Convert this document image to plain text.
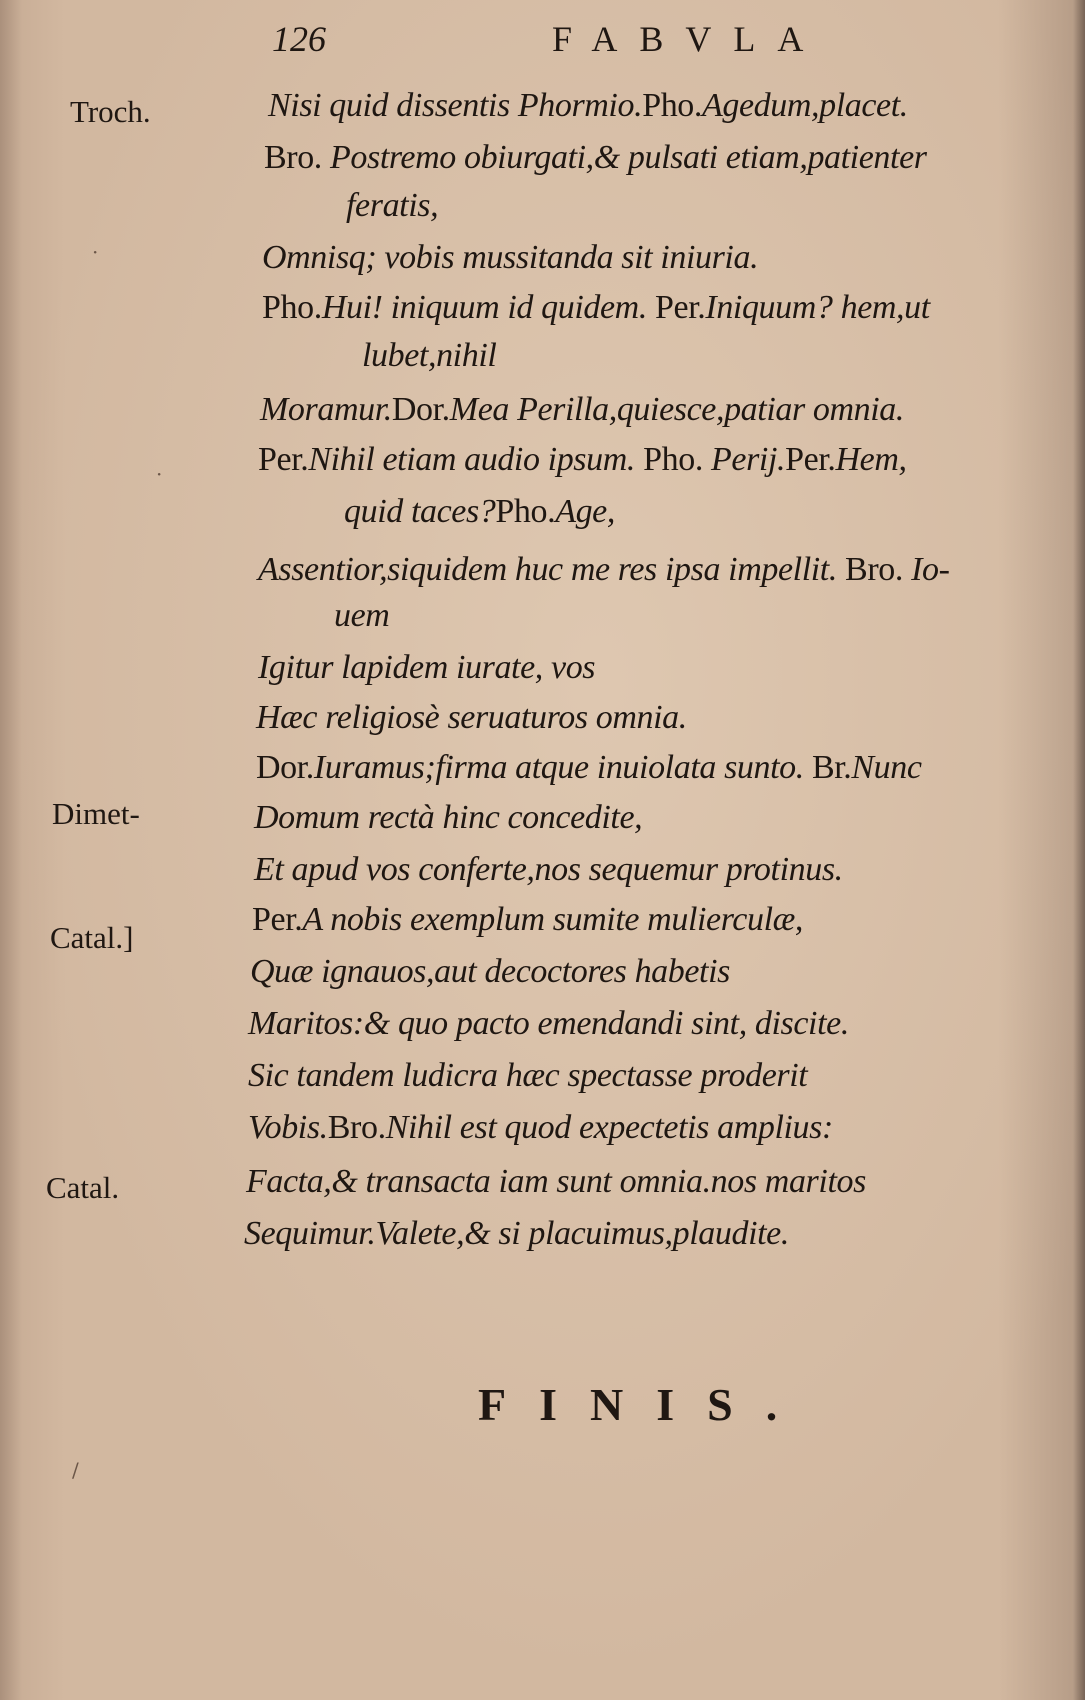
126	FABVLA
Troch.
Dimet-
Catal.]
Catal.
Nisi quid dissentis Phormio.Pho.Agedum,placet.
Bro. Postremo obiurgati,& pulsati etiam,patienter
feratis,
Omnisq; vobis mussitanda sit iniuria.
Pho.Hui! iniquum id quidem. Per.Iniquum? hem,ut
lubet,nihil
Moramur.Dor.Mea Perilla,quiesce,patiar omnia.
Per.Nihil etiam audio ipsum. Pho. Perij.Per.Hem,
quid taces?Pho.Age,
Assentior,siquidem huc me res ipsa impellit. Bro. Io-
uem
Igitur lapidem iurate, vos
Hæc religiosè seruaturos omnia.
Dor.Iuramus;firma atque inuiolata sunto. Br.Nunc
Domum rectà hinc concedite,
Et apud vos conferte,nos sequemur protinus.
Per.A nobis exemplum sumite mulierculæ,
Quæ ignauos,aut decoctores habetis
Maritos:& quo pacto emendandi sint, discite.
Sic tandem ludicra hæc spectasse proderit
Vobis.Bro.Nihil est quod expectetis amplius:
Facta,& transacta iam sunt omnia.nos maritos
Sequimur.Valete,& si placuimus,plaudite.
FINIS.
·
·
/
